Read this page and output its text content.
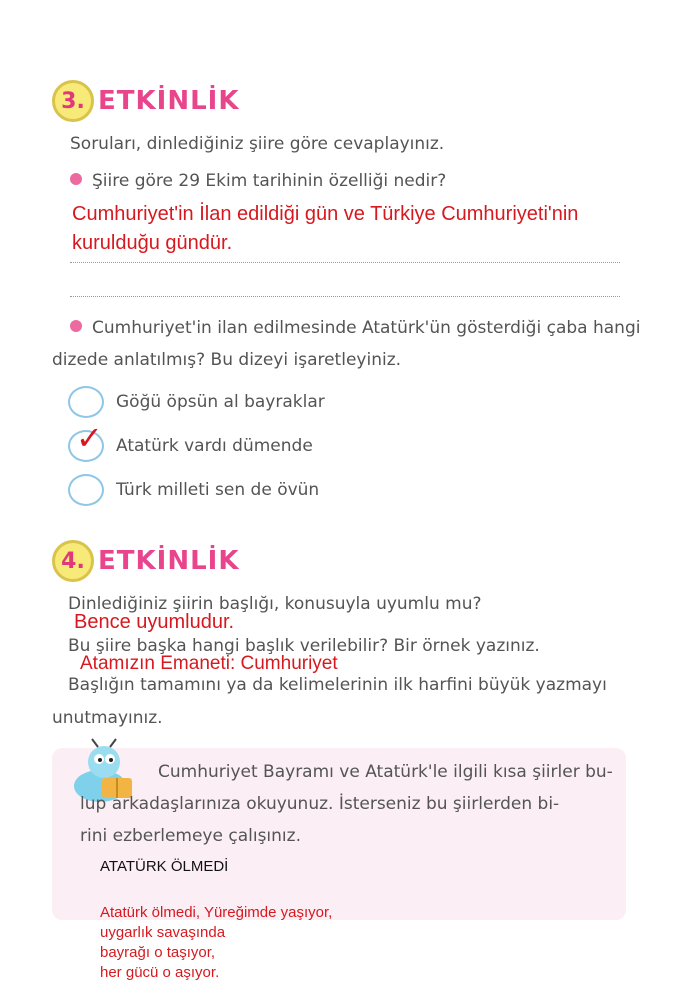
3. ETKİNLİK
Soruları, dinlediğiniz şiire göre cevaplayınız.
Şiire göre 29 Ekim tarihinin özelliği nedir?
Cumhuriyet'in İlan edildiği gün ve Türkiye Cumhuriyeti'nin
kurulduğu gündür.
Cumhuriyet'in ilan edilmesinde Atatürk'ün gösterdiği çaba hangi
dizede anlatılmış? Bu dizeyi işaretleyiniz.
Göğü öpsün al bayraklar
✓ Atatürk vardı dümende
Türk milleti sen de övün
4. ETKİNLİK
Dinlediğiniz şiirin başlığı, konusuyla uyumlu mu?
Bence uyumludur.
Bu şiire başka hangi başlık verilebilir? Bir örnek yazınız.
Atamızın Emaneti: Cumhuriyet
Başlığın tamamını ya da kelimelerinin ilk harfini büyük yazmayı
unutmayınız.
Cumhuriyet Bayramı ve Atatürk'le ilgili kısa şiirler bu-
lup arkadaşlarınıza okuyunuz. İsterseniz bu şiirlerden bi-
rini ezberlemeye çalışınız.
ATATÜRK ÖLMEDİ
Atatürk ölmedi, Yüreğimde yaşıyor,
uygarlık savaşında
bayrağı o taşıyor,
her gücü o aşıyor.
